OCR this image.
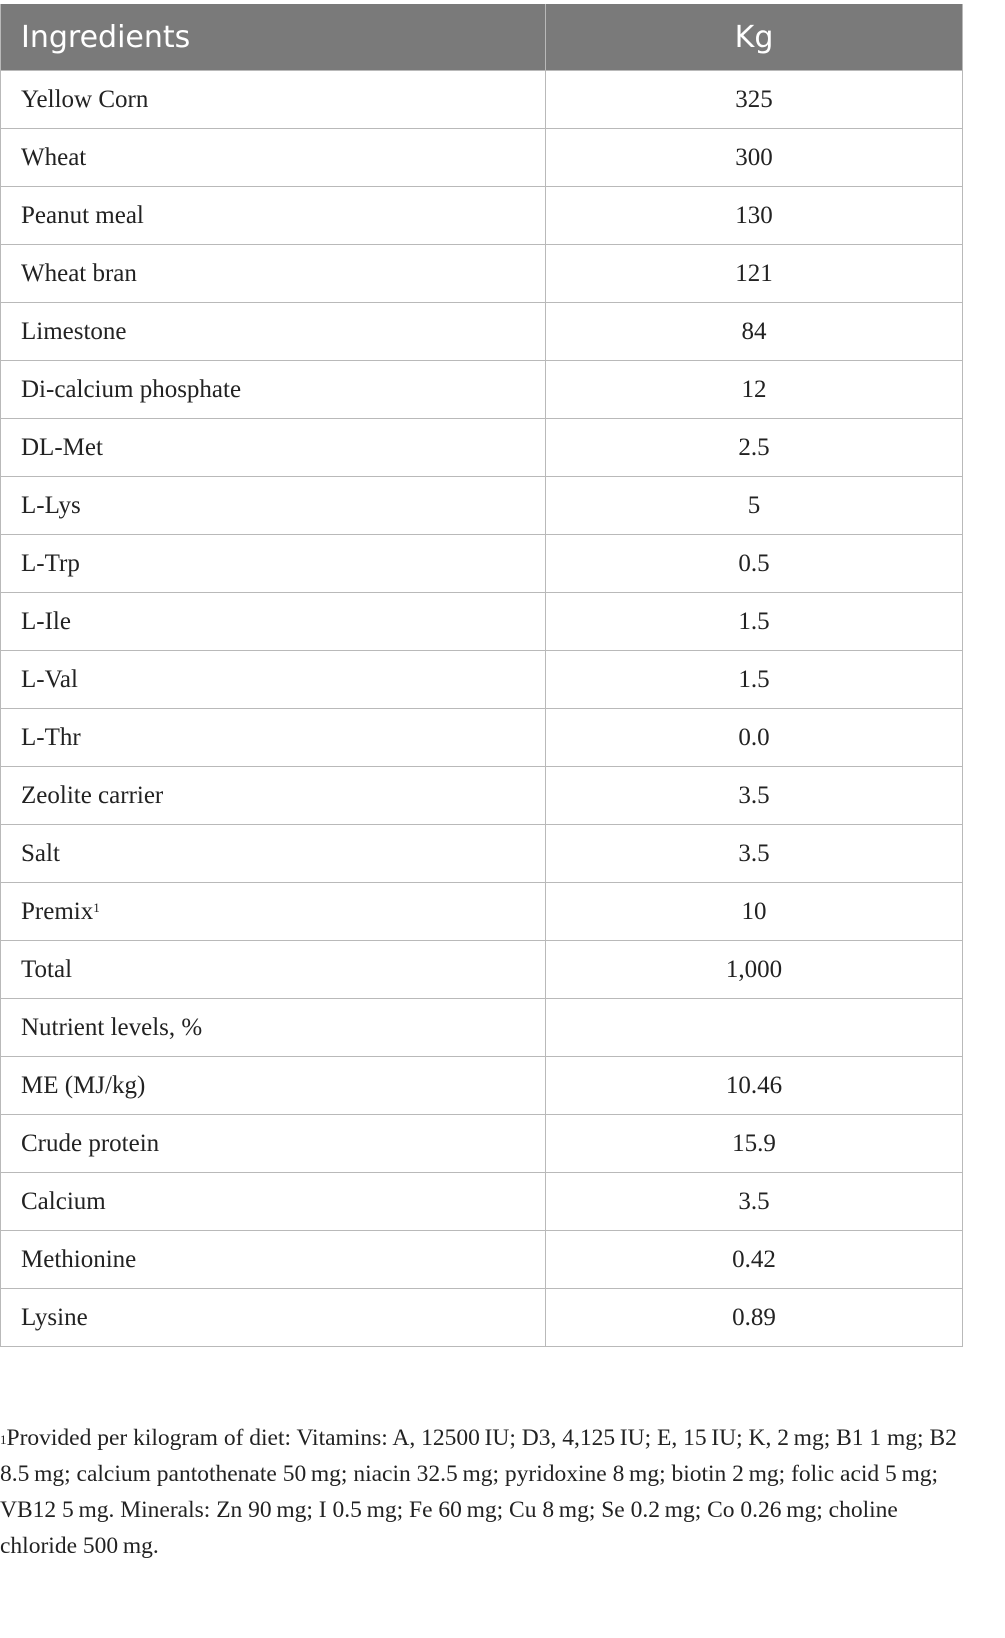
Ingredients	Kg
Yellow Corn	325
Wheat	300
Peanut meal	130
Wheat bran	121
Limestone	84
Di-calcium phosphate	12
DL-Met	2.5
L-Lys	5
L-Trp	0.5
L-Ile	1.5
L-Val	1.5
L-Thr	0.0
Zeolite carrier	3.5
Salt	3.5
Premix$^1$	10
Total	1,000
Nutrient levels, %	
ME (MJ/kg)	10.46
Crude protein	15.9
Calcium	3.5
Methionine	0.42
Lysine	0.89
$^1$Provided per kilogram of diet: Vitamins: A, 12500 IU; D3, 4,125 IU; E, 15 IU; K, 2 mg; B1 1 mg; B2 8.5 mg; calcium pantothenate 50 mg; niacin 32.5 mg; pyridoxine 8 mg; biotin 2 mg; folic acid 5 mg; VB12 5 mg. Minerals: Zn 90 mg; I 0.5 mg; Fe 60 mg; Cu 8 mg; Se 0.2 mg; Co 0.26 mg; choline chloride 500 mg.
